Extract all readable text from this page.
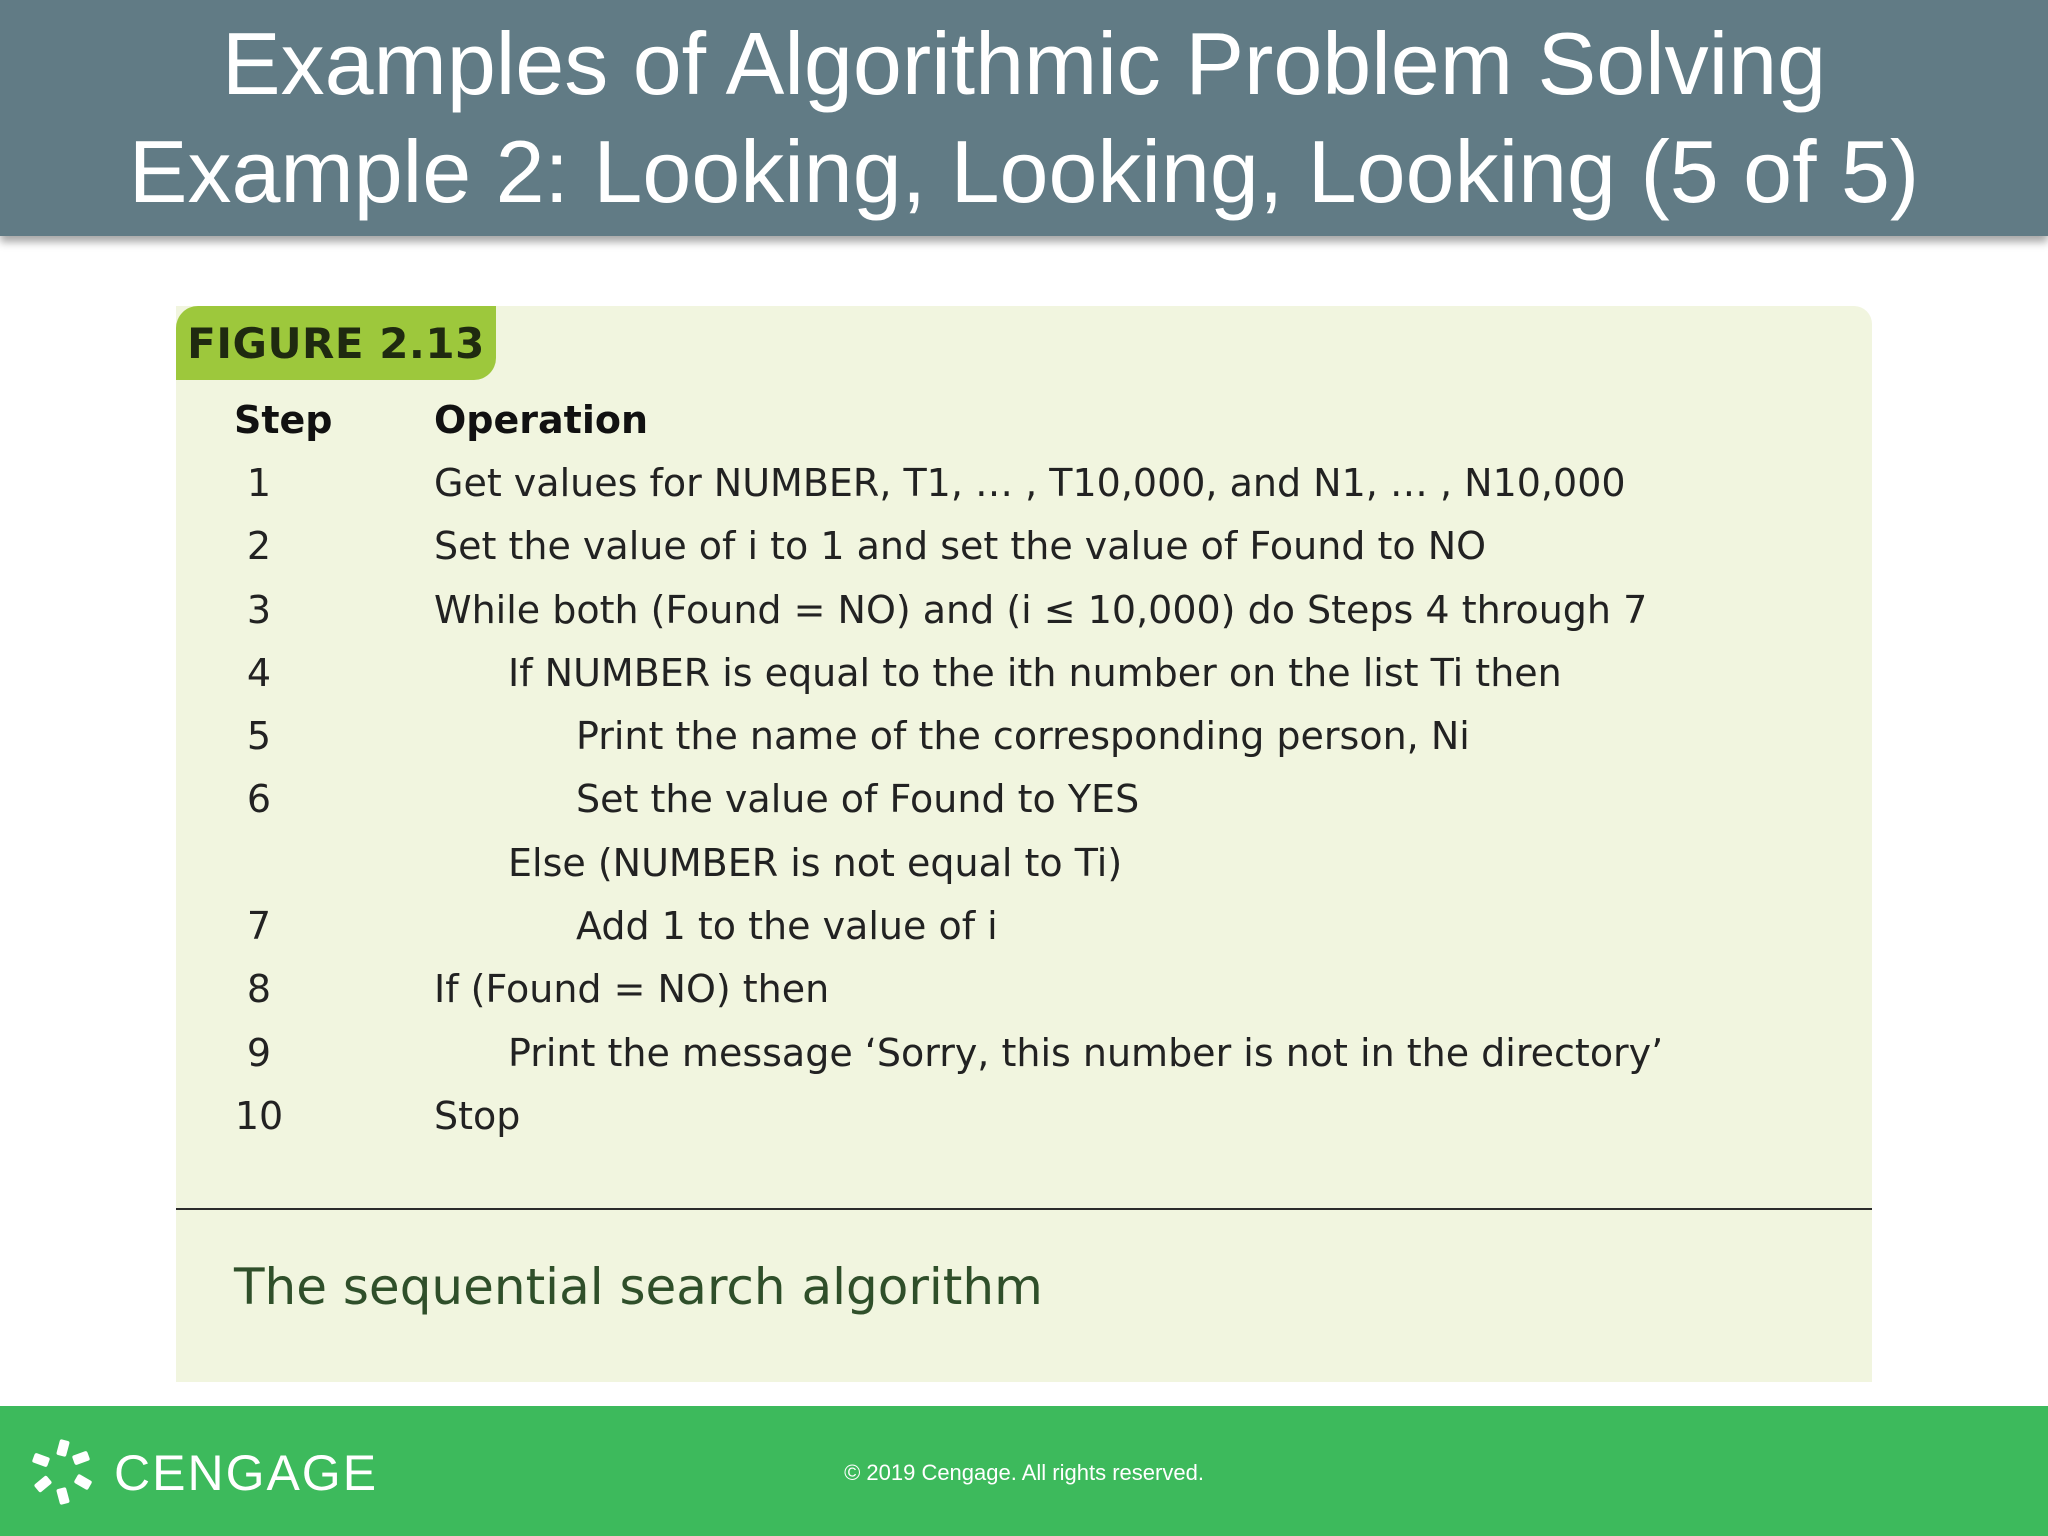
Examples of Algorithmic Problem Solving
Example 2: Looking, Looking, Looking (5 of 5)
FIGURE 2.13
Step	Operation
1	Get values for NUMBER, T1, … , T10,000, and N1, … , N10,000
2	Set the value of i to 1 and set the value of Found to NO
3	While both (Found = NO) and (i ≤ 10,000) do Steps 4 through 7
4	If NUMBER is equal to the ith number on the list Ti then
5	Print the name of the corresponding person, Ni
6	Set the value of Found to YES
Else (NUMBER is not equal to Ti)
7	Add 1 to the value of i
8	If (Found = NO) then
9	Print the message ‘Sorry, this number is not in the directory’
10	Stop
The sequential search algorithm
CENGAGE	© 2019 Cengage. All rights reserved.
